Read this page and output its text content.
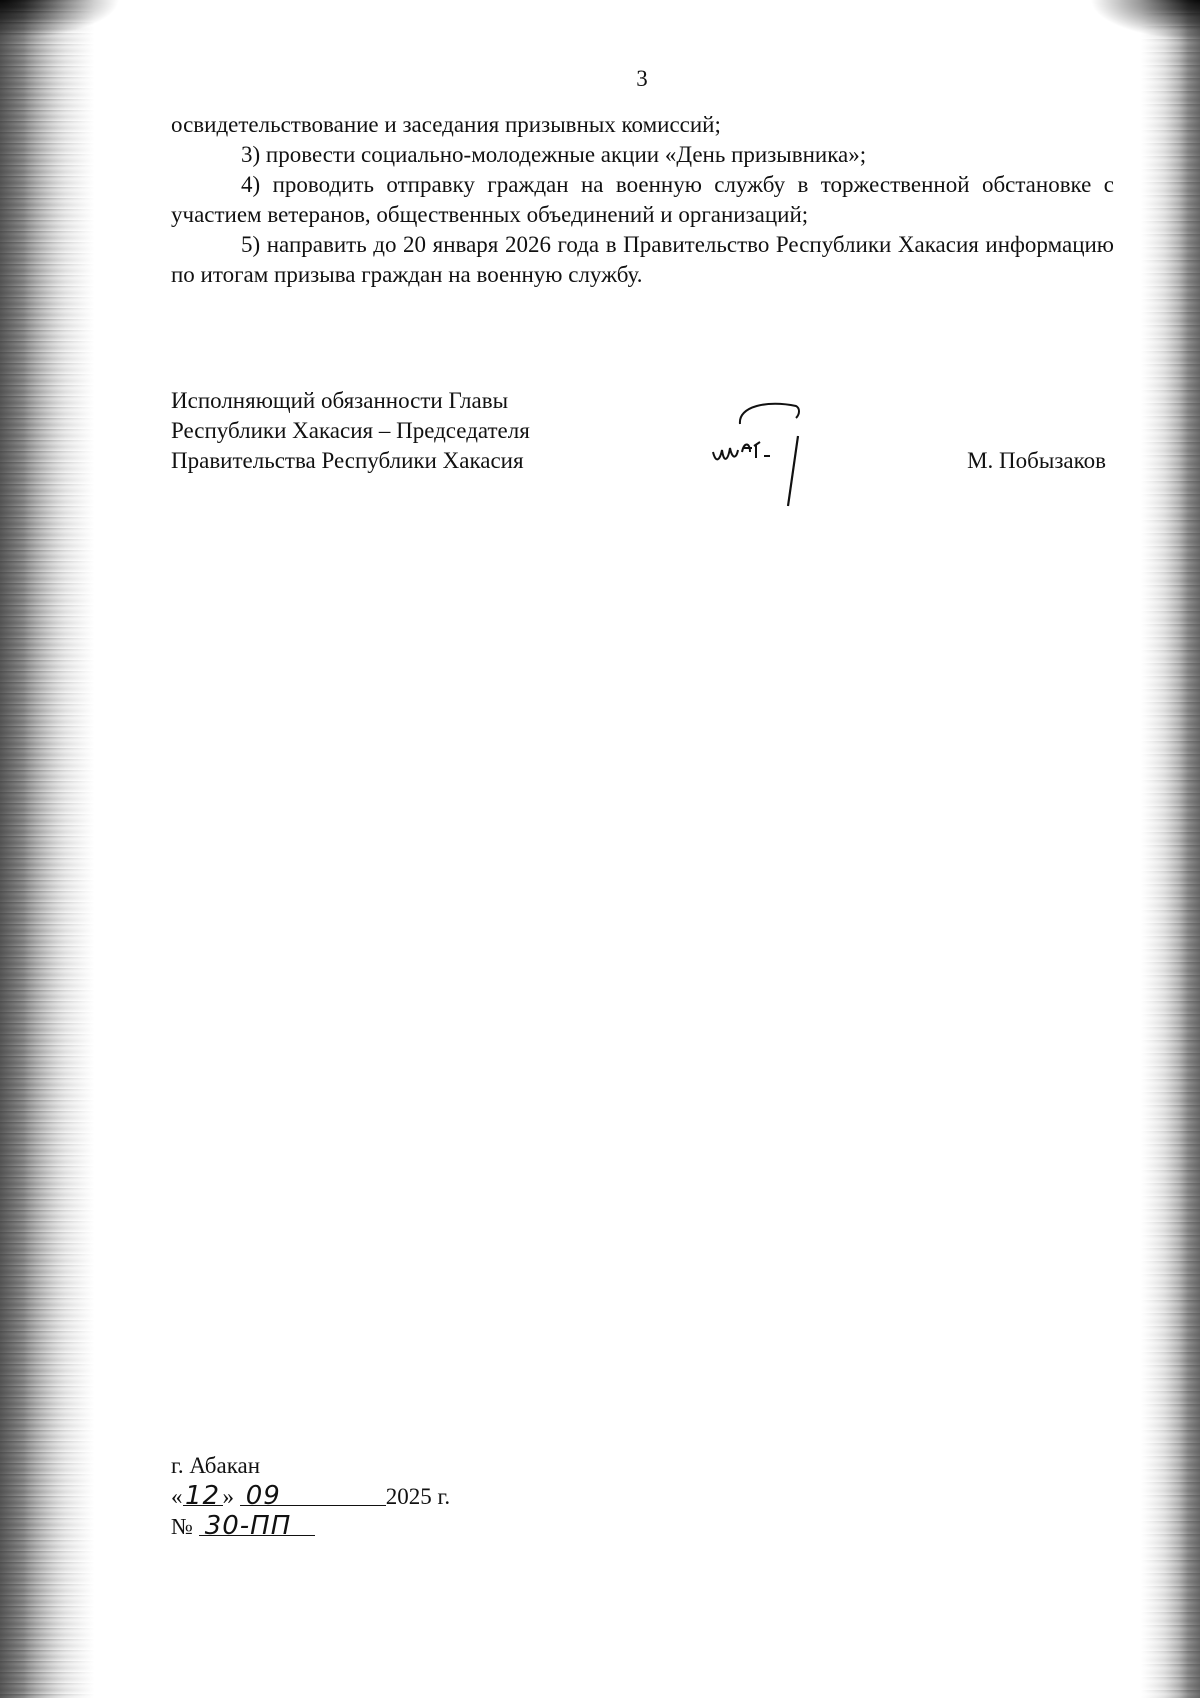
3

освидетельствование и заседания призывных комиссий;

3) провести социально-молодежные акции «День призывника»;

4) проводить отправку граждан на военную службу в торжественной обстановке с участием ветеранов, общественных объединений и организаций;

5) направить до 20 января 2026 года в Правительство Республики Хакасия информацию по итогам призыва граждан на военную службу.

Исполняющий обязанности Главы
Республики Хакасия – Председателя
Правительства Республики Хакасия	М. Побызаков
г. Абакан
«12 » 09	2025 г.
№ 30-ПП
